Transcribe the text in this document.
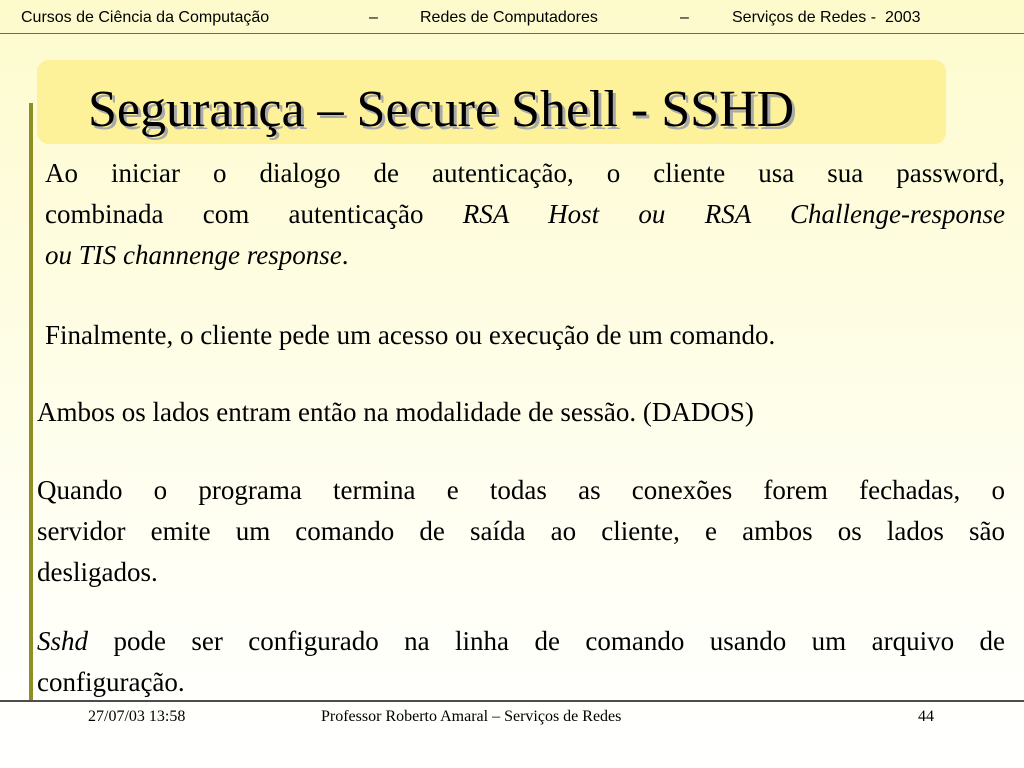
Cursos de Ciência da Computação

	–

	Redes de Computadores

	–

	Serviços de Redes -  2003

Segurança – Secure Shell - SSHD
Ao iniciar o dialogo de autenticação, o cliente usa sua password,
combinada com autenticação RSA Host ou RSA Challenge-response
ou TIS channenge response.
Finalmente, o cliente pede um acesso ou execução de um comando.
Ambos os lados entram então na modalidade de sessão. (DADOS)
Quando o programa termina e todas as conexões forem fechadas, o
servidor emite um comando de saída ao cliente, e ambos os lados são
desligados.
Sshd pode ser configurado na linha de comando usando um arquivo de
configuração.
27/07/03 13:58	Professor Roberto Amaral – Serviços de Redes	44
